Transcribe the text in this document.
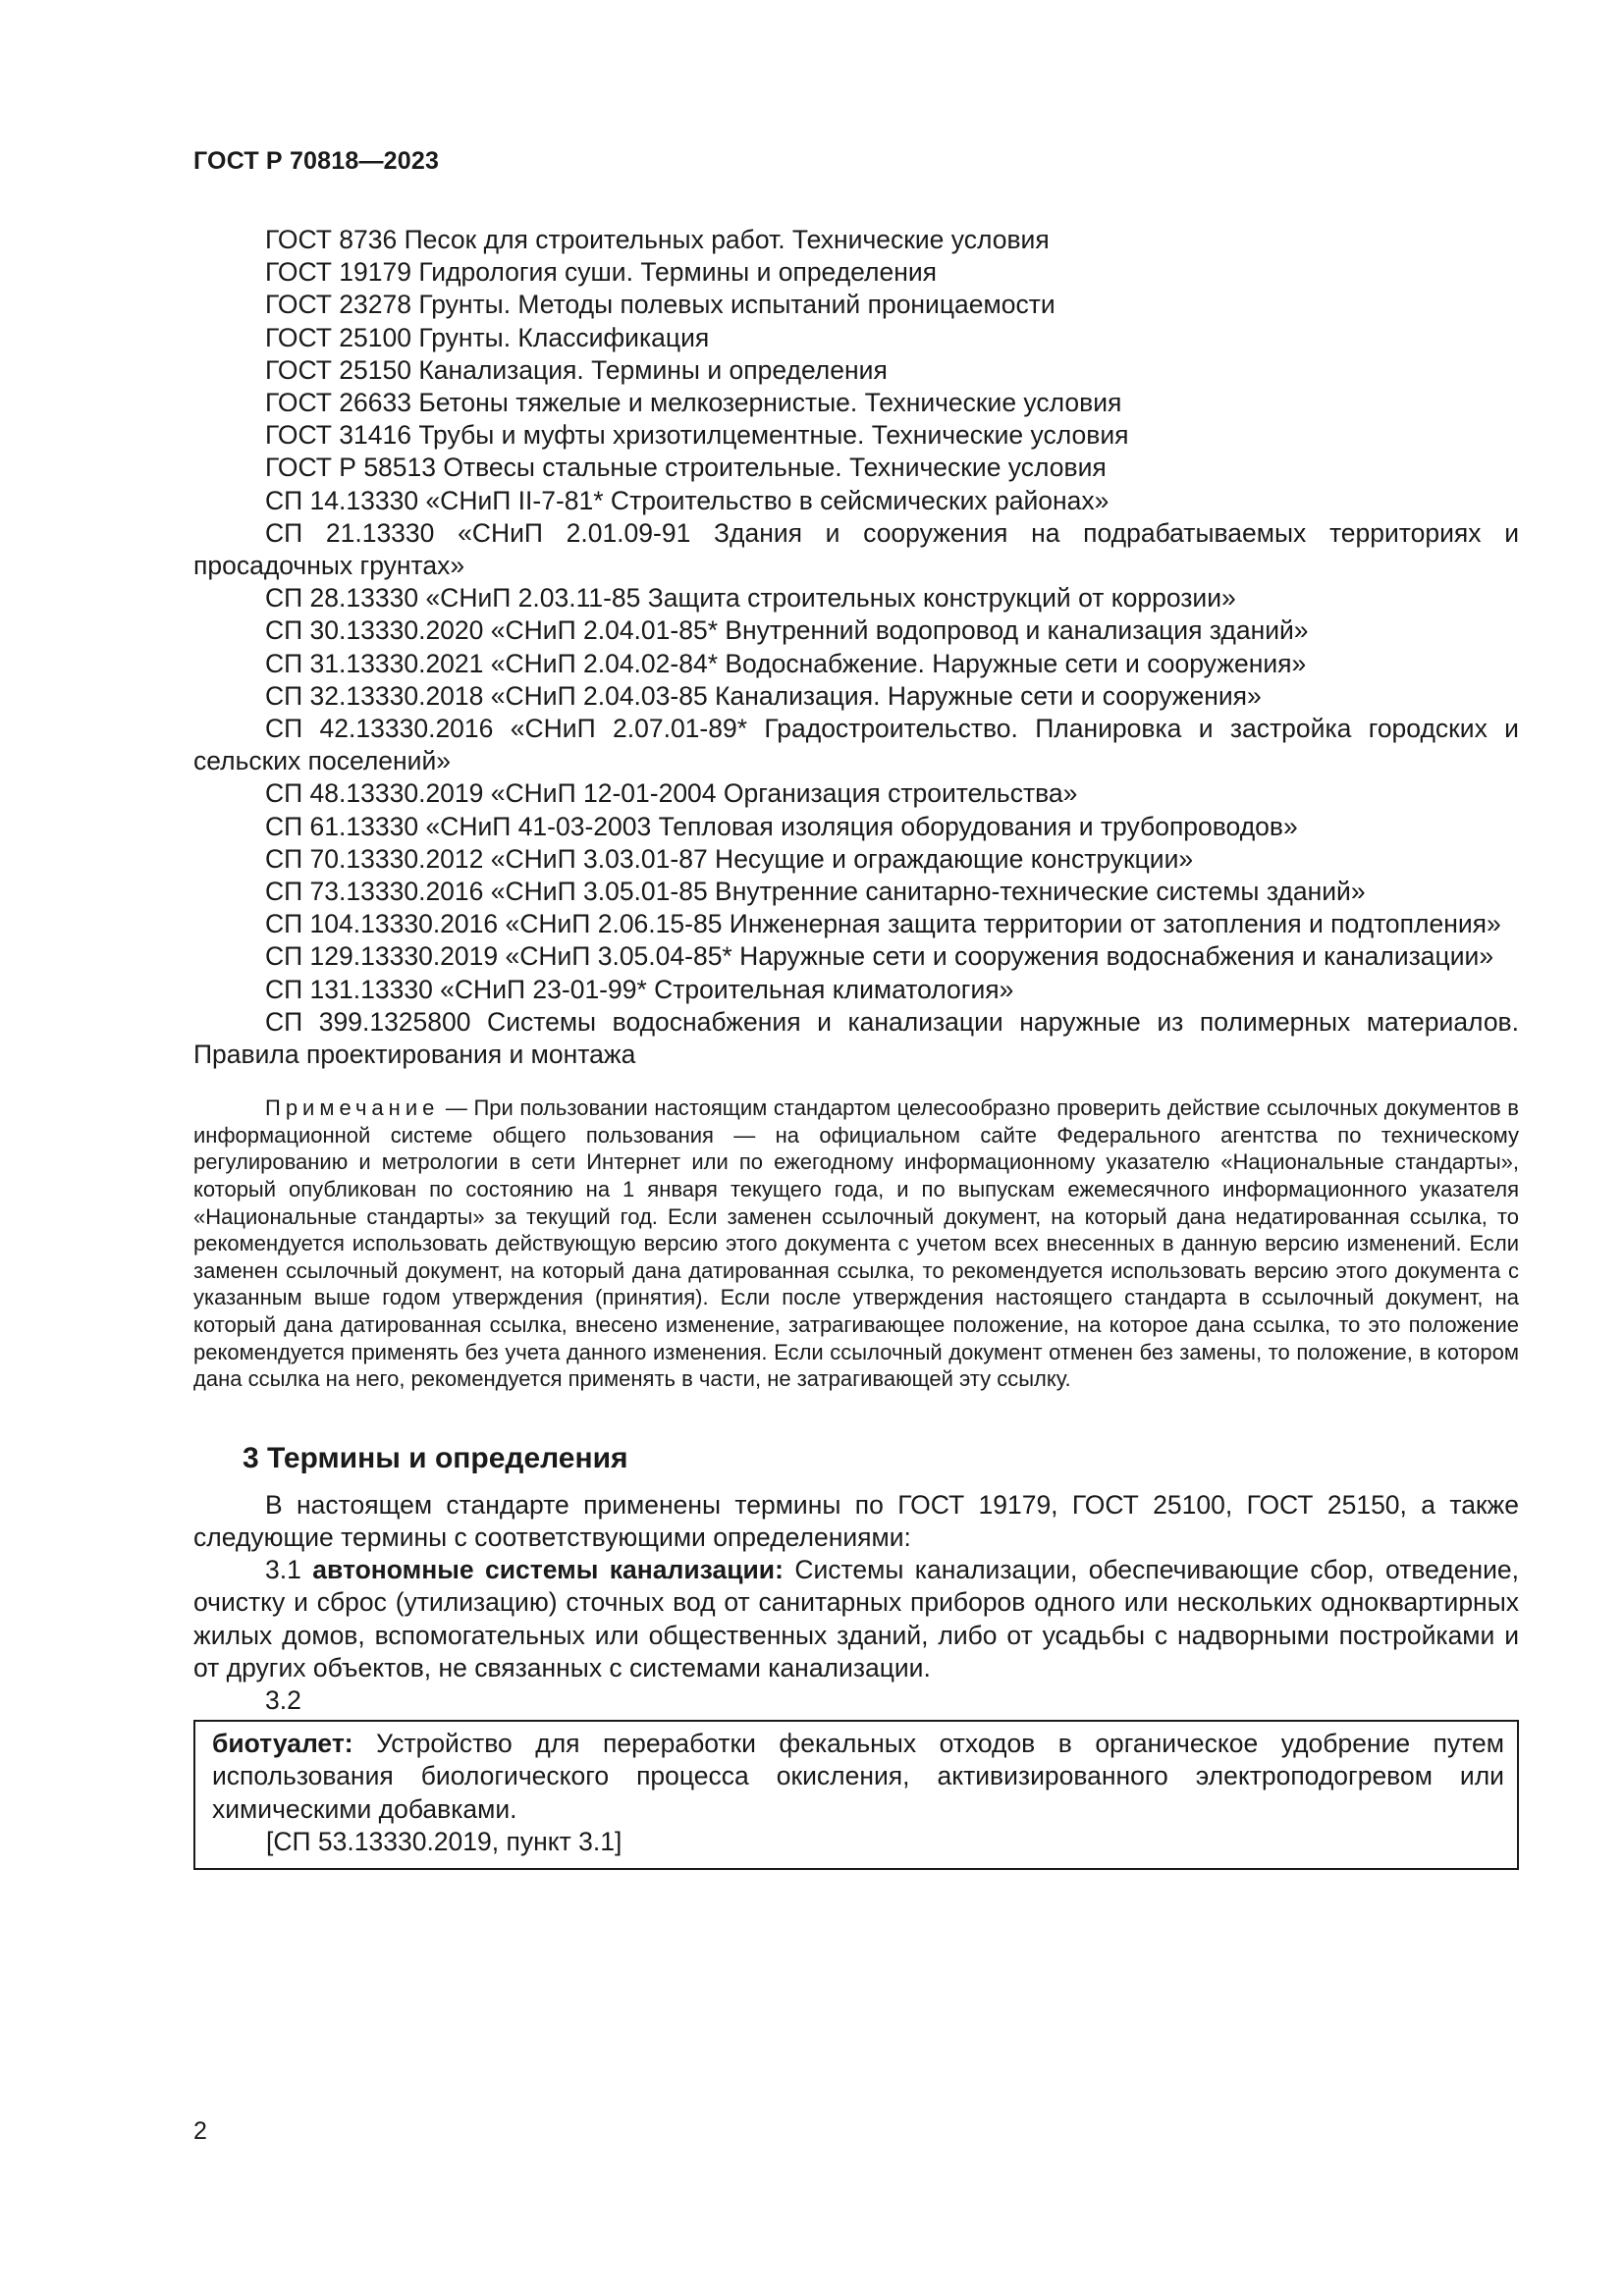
ГОСТ Р 70818—2023

ГОСТ 8736 Песок для строительных работ. Технические условия

ГОСТ 19179 Гидрология суши. Термины и определения

ГОСТ 23278 Грунты. Методы полевых испытаний проницаемости

ГОСТ 25100 Грунты. Классификация

ГОСТ 25150 Канализация. Термины и определения

ГОСТ 26633 Бетоны тяжелые и мелкозернистые. Технические условия

ГОСТ 31416 Трубы и муфты хризотилцементные. Технические условия

ГОСТ Р 58513 Отвесы стальные строительные. Технические условия

СП 14.13330 «СНиП II-7-81* Строительство в сейсмических районах»

СП 21.13330 «СНиП 2.01.09-91 Здания и сооружения на подрабатываемых территориях и просадочных грунтах»

СП 28.13330 «СНиП 2.03.11-85 Защита строительных конструкций от коррозии»

СП 30.13330.2020 «СНиП 2.04.01-85* Внутренний водопровод и канализация зданий»

СП 31.13330.2021 «СНиП 2.04.02-84* Водоснабжение. Наружные сети и сооружения»

СП 32.13330.2018 «СНиП 2.04.03-85 Канализация. Наружные сети и сооружения»

СП 42.13330.2016 «СНиП 2.07.01-89* Градостроительство. Планировка и застройка городских и сельских поселений»

СП 48.13330.2019 «СНиП 12-01-2004 Организация строительства»

СП 61.13330 «СНиП 41-03-2003 Тепловая изоляция оборудования и трубопроводов»

СП 70.13330.2012 «СНиП 3.03.01-87 Несущие и ограждающие конструкции»

СП 73.13330.2016 «СНиП 3.05.01-85 Внутренние санитарно-технические системы зданий»

СП 104.13330.2016 «СНиП 2.06.15-85 Инженерная защита территории от затопления и подтопления»

СП 129.13330.2019 «СНиП 3.05.04-85* Наружные сети и сооружения водоснабжения и канализации»

СП 131.13330 «СНиП 23-01-99* Строительная климатология»

СП 399.1325800 Системы водоснабжения и канализации наружные из полимерных материалов. Правила проектирования и монтажа

Примечание — При пользовании настоящим стандартом целесообразно проверить действие ссылочных документов в информационной системе общего пользования — на официальном сайте Федерального агентства по техническому регулированию и метрологии в сети Интернет или по ежегодному информационному указателю «Национальные стандарты», который опубликован по состоянию на 1 января текущего года, и по выпускам ежемесячного информационного указателя «Национальные стандарты» за текущий год. Если заменен ссылочный документ, на который дана недатированная ссылка, то рекомендуется использовать действующую версию этого документа с учетом всех внесенных в данную версию изменений. Если заменен ссылочный документ, на который дана датированная ссылка, то рекомендуется использовать версию этого документа с указанным выше годом утверждения (принятия). Если после утверждения настоящего стандарта в ссылочный документ, на который дана датированная ссылка, внесено изменение, затрагивающее положение, на которое дана ссылка, то это положение рекомендуется применять без учета данного изменения. Если ссылочный документ отменен без замены, то положение, в котором дана ссылка на него, рекомендуется применять в части, не затрагивающей эту ссылку.

3 Термины и определения

В настоящем стандарте применены термины по ГОСТ 19179, ГОСТ 25100, ГОСТ 25150, а также следующие термины с соответствующими определениями:

3.1 автономные системы канализации: Системы канализации, обеспечивающие сбор, отведение, очистку и сброс (утилизацию) сточных вод от санитарных приборов одного или нескольких одноквартирных жилых домов, вспомогательных или общественных зданий, либо от усадьбы с надворными постройками и от других объектов, не связанных с системами канализации.

3.2

биотуалет: Устройство для переработки фекальных отходов в органическое удобрение путем использования биологического процесса окисления, активизированного электроподогревом или химическими добавками.

[СП 53.13330.2019, пункт 3.1]

2
